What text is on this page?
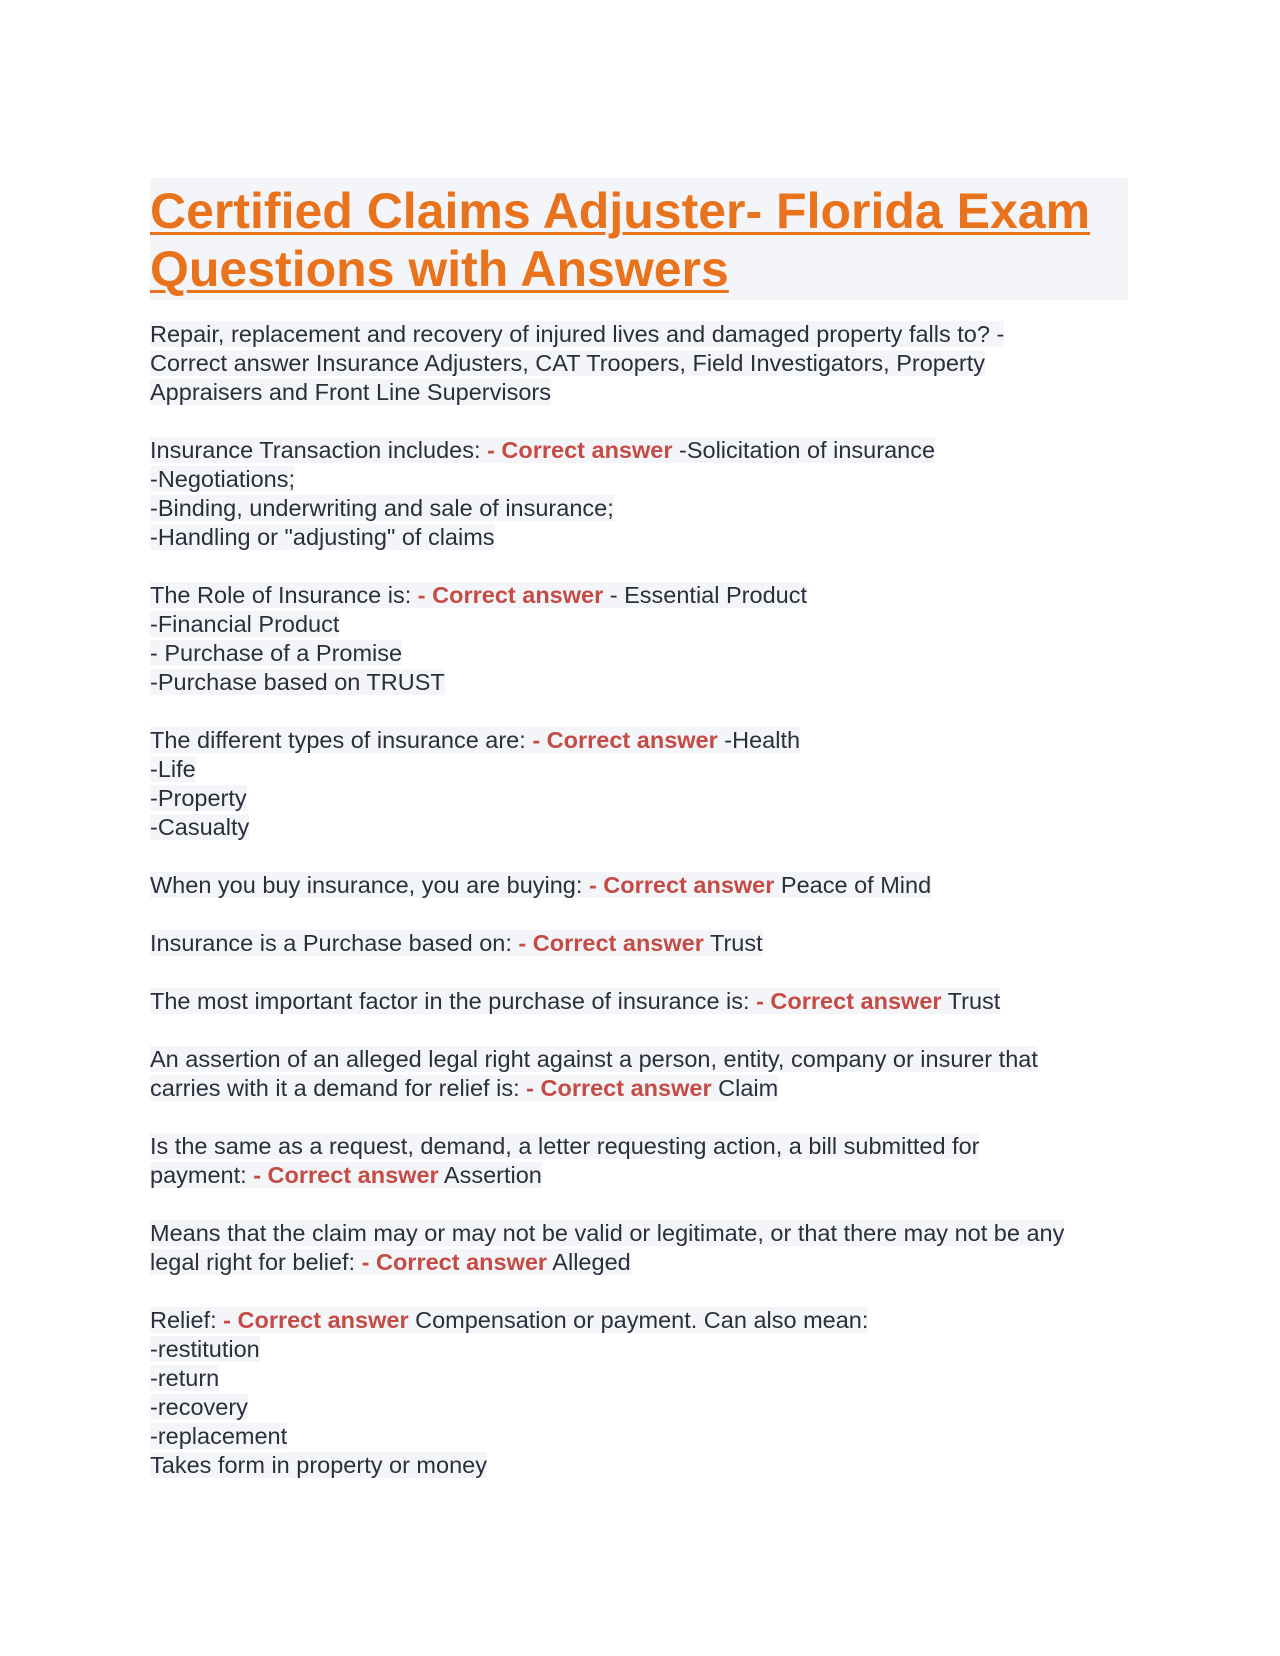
Certified Claims Adjuster- Florida Exam Questions with Answers
Repair, replacement and recovery of injured lives and damaged property falls to? -
Correct answer Insurance Adjusters, CAT Troopers, Field Investigators, Property
Appraisers and Front Line Supervisors
Insurance Transaction includes: - Correct answer -Solicitation of insurance
-Negotiations;
-Binding, underwriting and sale of insurance;
-Handling or "adjusting" of claims
The Role of Insurance is: - Correct answer - Essential Product
-Financial Product
- Purchase of a Promise
-Purchase based on TRUST
The different types of insurance are: - Correct answer -Health
-Life
-Property
-Casualty
When you buy insurance, you are buying: - Correct answer Peace of Mind
Insurance is a Purchase based on: - Correct answer Trust
The most important factor in the purchase of insurance is: - Correct answer Trust
An assertion of an alleged legal right against a person, entity, company or insurer that
carries with it a demand for relief is: - Correct answer Claim
Is the same as a request, demand, a letter requesting action, a bill submitted for
payment: - Correct answer Assertion
Means that the claim may or may not be valid or legitimate, or that there may not be any
legal right for belief: - Correct answer Alleged
Relief: - Correct answer Compensation or payment. Can also mean:
-restitution
-return
-recovery
-replacement
Takes form in property or money
